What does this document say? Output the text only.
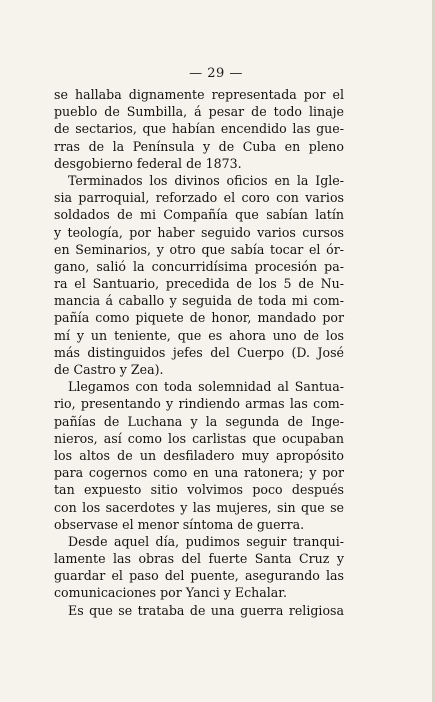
— 29 —
se hallaba dignamente representada por el
pueblo de Sumbilla, á pesar de todo linaje
de sectarios, que habían encendido las gue-
rras de la Península y de Cuba en pleno
desgobierno federal de 1873.
Terminados los divinos oficios en la Igle-
sia parroquial, reforzado el coro con varios
soldados de mi Compañía que sabían latín
y teología, por haber seguido varios cursos
en Seminarios, y otro que sabía tocar el ór-
gano, salió la concurridísima procesión pa-
ra el Santuario, precedida de los 5 de Nu-
mancia á caballo y seguida de toda mi com-
pañía como piquete de honor, mandado por
mí y un teniente, que es ahora uno de los
más distinguidos jefes del Cuerpo (D. José
de Castro y Zea).
Llegamos con toda solemnidad al Santua-
rio, presentando y rindiendo armas las com-
pañías de Luchana y la segunda de Inge-
nieros, así como los carlistas que ocupaban
los altos de un desfiladero muy apropósito
para cogernos como en una ratonera; y por
tan expuesto sitio volvimos poco después
con los sacerdotes y las mujeres, sin que se
observase el menor síntoma de guerra.
Desde aquel día, pudimos seguir tranqui-
lamente las obras del fuerte Santa Cruz y
guardar el paso del puente, asegurando las
comunicaciones por Yanci y Echalar.
Es que se trataba de una guerra religiosa
